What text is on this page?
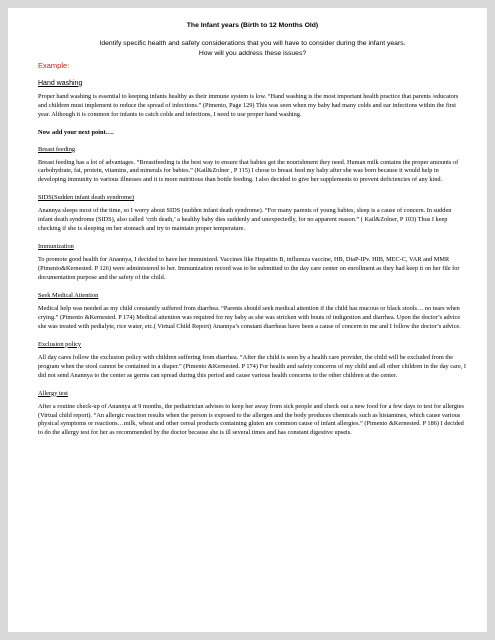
The Infant years (Birth to 12 Months Old)

Identify specific health and safety considerations that you will have to consider during the infant years.

How will you address these issues?

Example:
Hand washing

Proper hand washing is essential to keeping infants healthy as their immune system is low. “Hand washing is the most important health practice that parents /educators and children must implement to reduce the spread of infections.” (Pimento, Page 129) This was seen when my baby had many colds and ear infections within the first year. Although it is common for infants to catch colds and infections, I need to use proper hand washing.

Now add your next point….
Breast feeding

Breast feeding has a lot of advantages. “Breastfeeding is the best way to ensure that babies get the nourishment they need. Human milk contains the proper amounts of carbohydrate, fat, protein, vitamins, and minerals for babies.” (Kail&Zolner , P 115) I chose to breast feed my baby after she was born because it would help in developing immunity to various illnesses and it is more nutritious than bottle feeding. I also decided to give her supplements to prevent deficiencies of any kind.

SIDS(Sudden infant death syndrome)

Anannya sleeps most of the time, so I worry about SIDS (sudden infant death syndrome). “For many parents of young babies, sleep is a cause of concern. In sudden infant death syndrome (SIDS), also called ‘crib death,’ a healthy baby dies suddenly and unexpectedly, for no apparent reason.” ( Kail&Zolner, P 103) Thus I keep checking if she is sleeping on her stomach and try to maintain proper temperature.

Immunization

To promote good health for Anannya, I decided to have her immunized. Vaccines like Hepatitis B, influenza vaccine, HB, DtaP-IPv. HIB, MEC-C, VAR and MMR (Pimento&Kernested. P 126) were administered to her. Immunization record was to be submitted to the day care center on enrollment as they had keep it on her file for documentation purpose and the safety of the child.

Seek Medical Attention

Medical help was needed as my child constantly suffered from diarrhea. “Parents should seek medical attention if the child has mucous or black stools… no tears when crying.” (Pimento &Kernested. P 174) Medical attention was required for my baby as she was stricken with bouts of indigestion and diarrhea. Upon the doctor’s advice she was treated with pedialyte, rice water, etc.( Virtual Child Report) Anannya’s constant diarrheas have been a cause of concern to me and I follow the doctor’s advice.

Exclusion policy

All day cares follow the exclusion policy with children suffering from diarrhea. “After the child is seen by a health care provider, the child will be excluded from the program when the stool cannot be contained in a diaper.” (Pimento &Kernested. P 174) For health and safety concerns of my child and all other children in the day care, I did not send Anannya to the center as germs can spread during this period and cause various health concerns to the other children at the center.

Allergy test

After a routine check-up of Anannya at 9 months, the pediatrician advises to keep her away from sick people and check out a new food for a few days to test for allergies (Virtual child report). “An allergic reaction results when the person is exposed to the allergen and the body produces chemicals such as histamines, which cause various physical symptoms or reactions…milk, wheat and other cereal products containing gluten are common cause of infant allergies.” (Pimento &Kernested. P 186) I decided to do the allergy test for her as recommended by the doctor because she is ill several times and has constant digestive upsets.
